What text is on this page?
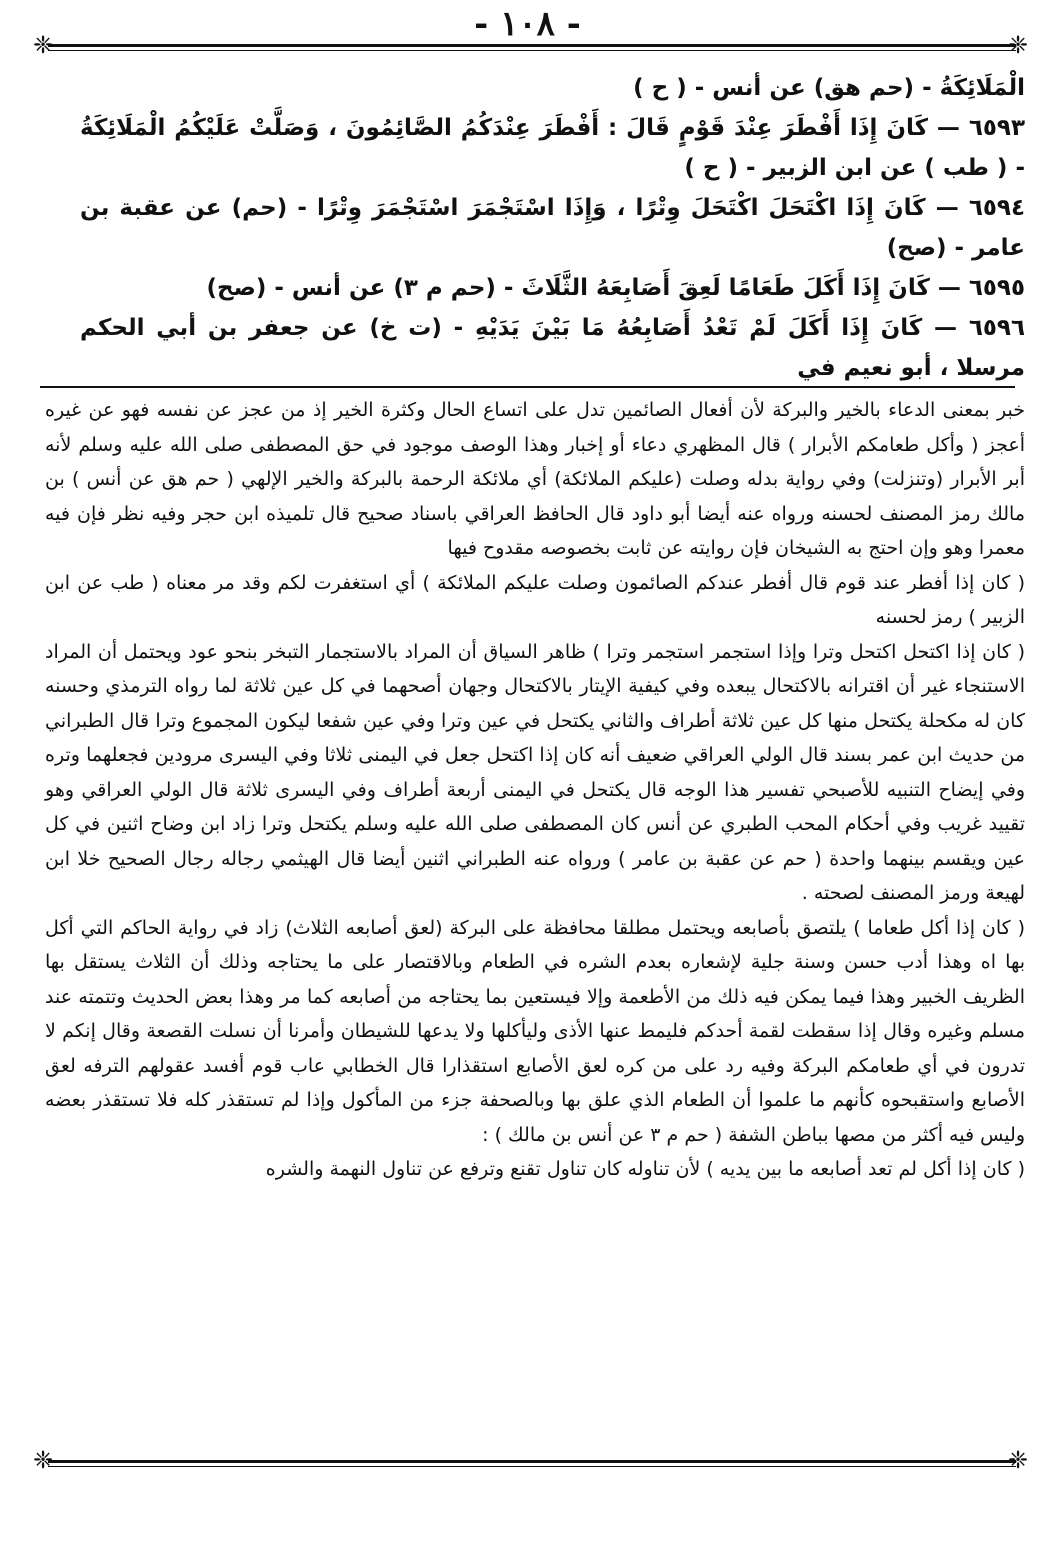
- ١٠٨ -
❈	❈

الْمَلَائِكَةُ - (حم هق) عن أنس - ( ح )

٦٥٩٣ — كَانَ إِذَا أَفْطَرَ عِنْدَ قَوْمٍ قَالَ : أَفْطَرَ عِنْدَكُمُ الصَّائِمُونَ ، وَصَلَّتْ عَلَيْكُمُ الْمَلَائِكَةُ - ( طب ) عن ابن الزبير - ( ح )

٦٥٩٤ — كَانَ إِذَا اكْتَحَلَ اكْتَحَلَ وِتْرًا ، وَإِذَا اسْتَجْمَرَ اسْتَجْمَرَ وِتْرًا - (حم) عن عقبة بن عامر - (صح)

٦٥٩٥ — كَانَ إِذَا أَكَلَ طَعَامًا لَعِقَ أَصَابِعَهُ الثَّلَاثَ - (حم م ٣) عن أنس - (صح)

٦٥٩٦ — كَانَ إِذَا أَكَلَ لَمْ تَعْدُ أَصَابِعُهُ مَا بَيْنَ يَدَيْهِ - (ت خ) عن جعفر بن أبي الحكم مرسلا ، أبو نعيم في

خبر بمعنى الدعاء بالخير والبركة لأن أفعال الصائمين تدل على اتساع الحال وكثرة الخير إذ من عجز عن نفسه فهو عن غيره أعجز ( وأكل طعامكم الأبرار ) قال المظهري دعاء أو إخبار وهذا الوصف موجود في حق المصطفى صلى الله عليه وسلم لأنه أبر الأبرار (وتنزلت) وفي رواية بدله وصلت (عليكم الملائكة) أي ملائكة الرحمة بالبركة والخير الإلهي ( حم هق عن أنس ) بن مالك رمز المصنف لحسنه ورواه عنه أيضا أبو داود قال الحافظ العراقي باسناد صحيح قال تلميذه ابن حجر وفيه نظر فإن فيه معمرا وهو وإن احتج به الشيخان فإن روايته عن ثابت بخصوصه مقدوح فيها

( كان إذا أفطر عند قوم قال أفطر عندكم الصائمون وصلت عليكم الملائكة ) أي استغفرت لكم وقد مر معناه ( طب عن ابن الزبير ) رمز لحسنه

( كان إذا اكتحل اكتحل وترا وإذا استجمر استجمر وترا ) ظاهر السياق أن المراد بالاستجمار التبخر بنحو عود ويحتمل أن المراد الاستنجاء غير أن اقترانه بالاكتحال يبعده وفي كيفية الإيتار بالاكتحال وجهان أصحهما في كل عين ثلاثة لما رواه الترمذي وحسنه كان له مكحلة يكتحل منها كل عين ثلاثة أطراف والثاني يكتحل في عين وترا وفي عين شفعا ليكون المجموع وترا قال الطبراني من حديث ابن عمر بسند قال الولي العراقي ضعيف أنه كان إذا اكتحل جعل في اليمنى ثلاثا وفي اليسرى مرودين فجعلهما وتره وفي إيضاح التنبيه للأصبحي تفسير هذا الوجه قال يكتحل في اليمنى أربعة أطراف وفي اليسرى ثلاثة قال الولي العراقي وهو تقييد غريب وفي أحكام المحب الطبري عن أنس كان المصطفى صلى الله عليه وسلم يكتحل وترا زاد ابن وضاح اثنين في كل عين ويقسم بينهما واحدة ( حم عن عقبة بن عامر ) ورواه عنه الطبراني اثنين أيضا قال الهيثمي رجاله رجال الصحيح خلا ابن لهيعة ورمز المصنف لصحته .

( كان إذا أكل طعاما ) يلتصق بأصابعه ويحتمل مطلقا محافظة على البركة (لعق أصابعه الثلاث) زاد في رواية الحاكم التي أكل بها اه وهذا أدب حسن وسنة جلية لإشعاره بعدم الشره في الطعام وبالاقتصار على ما يحتاجه وذلك أن الثلاث يستقل بها الظريف الخبير وهذا فيما يمكن فيه ذلك من الأطعمة وإلا فيستعين بما يحتاجه من أصابعه كما مر وهذا بعض الحديث وتتمته عند مسلم وغيره وقال إذا سقطت لقمة أحدكم فليمط عنها الأذى وليأكلها ولا يدعها للشيطان وأمرنا أن نسلت القصعة وقال إنكم لا تدرون في أي طعامكم البركة وفيه رد على من كره لعق الأصابع استقذارا قال الخطابي عاب قوم أفسد عقولهم الترفه لعق الأصابع واستقبحوه كأنهم ما علموا أن الطعام الذي علق بها وبالصحفة جزء من المأكول وإذا لم تستقذر كله فلا تستقذر بعضه وليس فيه أكثر من مصها بباطن الشفة ( حم م ٣ عن أنس بن مالك ) :

( كان إذا أكل لم تعد أصابعه ما بين يديه ) لأن تناوله كان تناول تقنع وترفع عن تناول النهمة والشره

❈	❈
